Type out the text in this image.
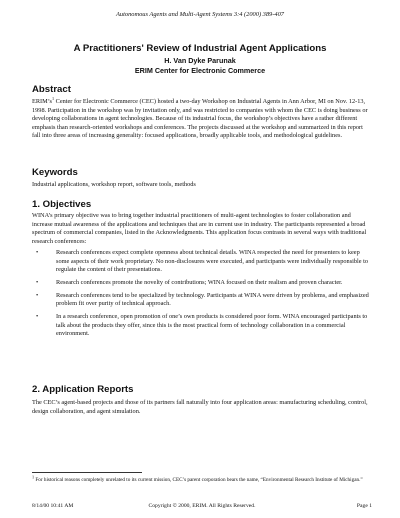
Autonomous Agents and Multi-Agent Systems 3:4 (2000) 389-407
A Practitioners' Review of Industrial Agent Applications
H. Van Dyke Parunak
ERIM Center for Electronic Commerce
Abstract

$ERIM’s^1$ Center for Electronic Commerce (CEC) hosted a two-day Workshop on Industrial Agents in Ann Arbor, MI on Nov. 12-13, 1998. Participation in the workshop was by invitation only, and was restricted to companies with whom the CEC is doing business or developing collaborations in agent technologies. Because of its industrial focus, the workshop’s objectives have a rather different emphasis than research-oriented workshops and conferences. The projects discussed at the workshop and summarized in this report fall into three areas of increasing generality: focused applications, broadly applicable tools, and methodological guidelines.

Keywords

Industrial applications, workshop report, software tools, methods

1. Objectives

WINA’s primary objective was to bring together industrial practitioners of multi-agent technologies to foster collaboration and increase mutual awareness of the applications and techniques that are in current use in industry. The participants represented a broad spectrum of commercial companies, listed in the Acknowledgments. This application focus contrasts in several ways with traditional research conferences:

•	Research conferences expect complete openness about technical details. WINA respected the need for presenters to keep some aspects of their work proprietary. No non-disclosures were executed, and participants were individually responsible to regulate the content of their presentations.
•	Research conferences promote the novelty of contributions; WINA focused on their realism and proven character.
•	Research conferences tend to be specialized by technology. Participants at WINA were driven by problems, and emphasized problem fit over purity of technical approach.
•	In a research conference, open promotion of one’s own products is considered poor form. WINA encouraged participants to talk about the products they offer, since this is the most practical form of technology collaboration in a commercial environment.
2. Application Reports

The CEC’s agent-based projects and those of its partners fall naturally into four application areas: manufacturing scheduling, control, design collaboration, and agent simulation.

$^1$ For historical reasons completely unrelated to its current mission, CEC’s parent corporation bears the name, “Environmental Research Institute of Michigan.”
8/14/00 10:41 AM	Copyright © 2000, ERIM. All Rights Reserved.	Page 1
